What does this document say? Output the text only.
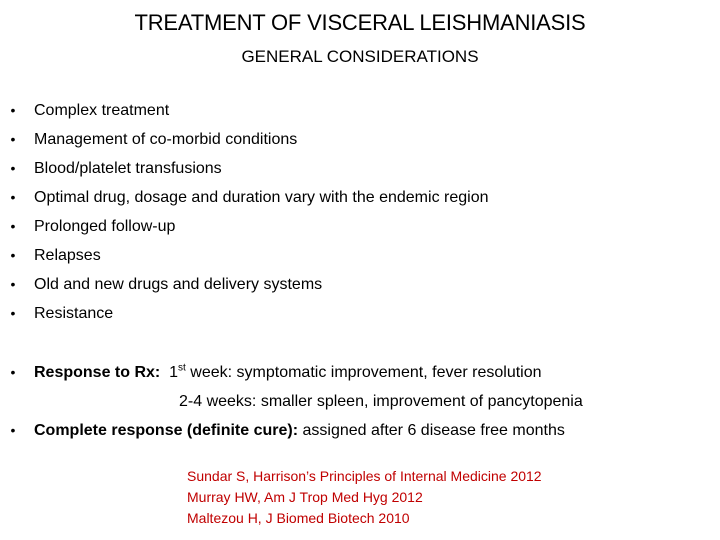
TREATMENT OF VISCERAL LEISHMANIASIS
GENERAL CONSIDERATIONS
• Complex treatment
• Management of co-morbid conditions
• Blood/platelet transfusions
• Optimal drug, dosage and duration vary with the endemic region
• Prolonged follow-up
• Relapses
• Old and new drugs and delivery systems
• Resistance
• Response to Rx: 1st week: symptomatic improvement, fever resolution
2-4 weeks: smaller spleen, improvement of pancytopenia
• Complete response (definite cure): assigned after 6 disease free months
Sundar S, Harrison’s Principles of Internal Medicine 2012
Murray HW, Am J Trop Med Hyg 2012
Maltezou H, J Biomed Biotech 2010
